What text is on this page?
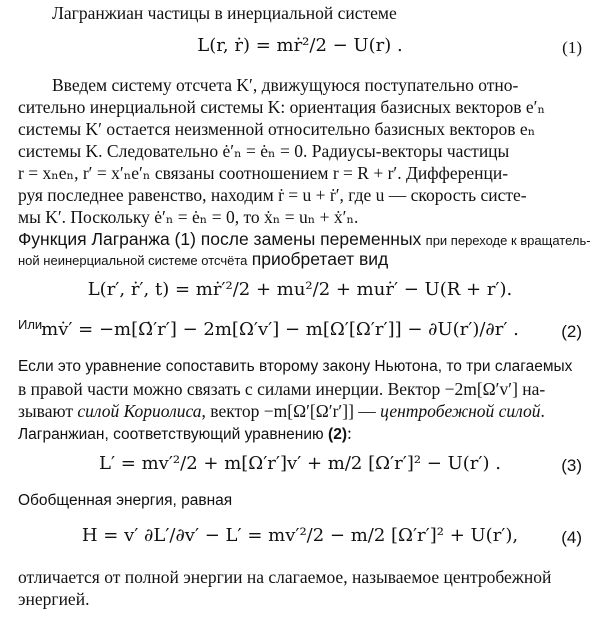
Лагранжиан частицы в инерциальной системе
L(r, ṙ) = mṙ²/2 − U(r) .	(1)
Введем систему отсчета K′, движущуюся поступательно отно-
сительно инерциальной системы K: ориентация базисных векторов e′ₙ
системы K′ остается неизменной относительно базисных векторов eₙ
системы K. Следовательно ė′ₙ = ėₙ = 0. Радиусы-векторы частицы
r = xₙeₙ, r′ = x′ₙe′ₙ связаны соотношением r = R + r′. Дифференци-
руя последнее равенство, находим ṙ = u + ṙ′, где u — скорость систе-
мы K′. Поскольку ė′ₙ = ėₙ = 0, то ẋₙ = uₙ + ẋ′ₙ.
Функция Лагранжа (1) после замены переменных при переходе к вращатель-
ной неинерциальной системе отсчёта приобретает вид
L(r′, ṙ′, t) = mṙ′²/2 + mu²/2 + muṙ′ − U(R + r′).
Или
mv̇′ = −m[Ω̇′r′] − 2m[Ω′v′] − m[Ω′[Ω′r′]] − ∂U(r′)/∂r′ .	(2)
Если это уравнение сопоставить второму закону Ньютона, то три слагаемых
в правой части можно связать с силами инерции. Вектор −2m[Ω′v′] на-
зывают силой Кориолиса, вектор −m[Ω′[Ω′r′]] — центробежной силой.
Лагранжиан, соответствующий уравнению (2):
L′ = mv′²/2 + m[Ω′r′]v′ + m/2 [Ω′r′]² − U(r′) .	(3)
Обобщенная энергия, равная
H = v′ ∂L′/∂v′ − L′ = mv′²/2 − m/2 [Ω′r′]² + U(r′),	(4)
отличается от полной энергии на слагаемое, называемое центробежной
энергией.
